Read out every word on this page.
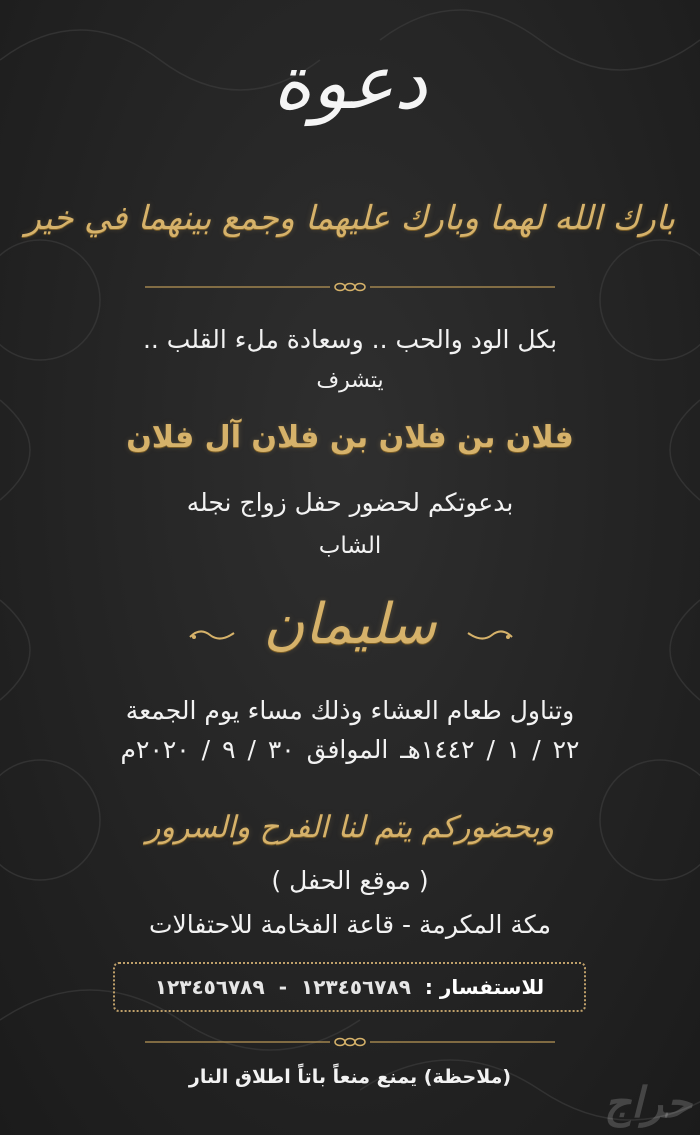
دعوة
بارك الله لهما وبارك عليهما وجمع بينهما في خير
بكل الود والحب .. وسعادة ملء القلب ..
يتشرف
فلان بن فلان بن فلان آل فلان
بدعوتكم لحضور حفل زواج نجله
الشاب
سليمان
وتناول طعام العشاء وذلك مساء يوم الجمعة
٢٢ / ١ / ١٤٤٢هـ الموافق ٣٠ / ٩ / ٢٠٢٠م
وبحضوركم يتم لنا الفرح والسرور
( موقع الحفل )
مكة المكرمة - قاعة الفخامة للاحتفالات
للاستفسار :
١٢٣٤٥٦٧٨٩
-
١٢٣٤٥٦٧٨٩
(ملاحظة) يمنع منعاً باتاً اطلاق النار
حراج
